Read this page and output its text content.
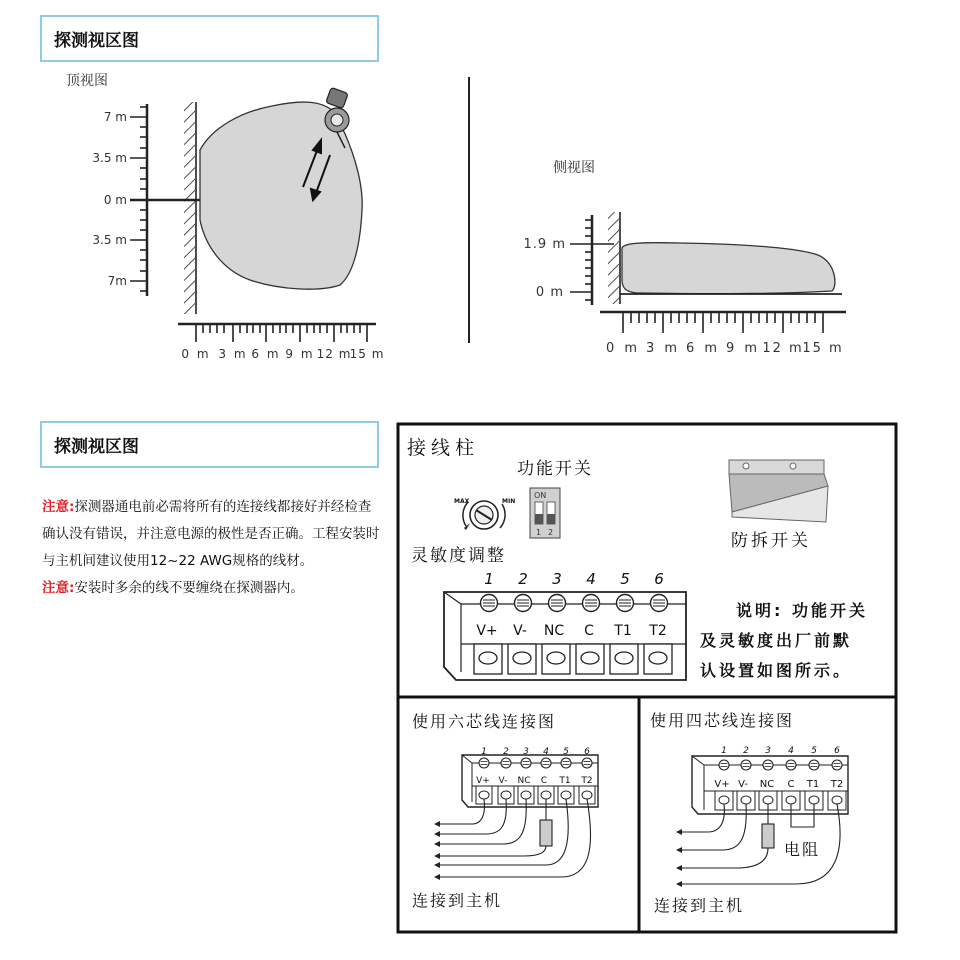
探测视区图
探测视区图
顶视图
7 m
3.5 m
0 m
3.5 m
7m
0 m 3 m 6 m 9 m 12 m
15 m
1.9 m
0 m
0 m 3 m 6 m 9 m 12 m
15 m
侧视图
注意:探测器通电前必需将所有的连接线都接好并经检查确认没有错误，并注意电源的极性是否正确。工程安装时与主机间建议使用12~22 AWG规格的线材。
注意:安装时多余的线不要缠绕在探测器内。
接线柱
功能开关
MAX	MIN
ON
1 2
灵敏度调整
防拆开关
1 2 3 4 5 6
V+ V- NC C T1 T2
说明: 功能开关
及灵敏度出厂前默
认设置如图所示。
使用六芯线连接图
1 2 3 4 5 6
V+ V- NC C T1 T2
连接到主机
使用四芯线连接图
1 2 3 4 5 6
V+ V- NC C T1 T2
电阻
连接到主机
